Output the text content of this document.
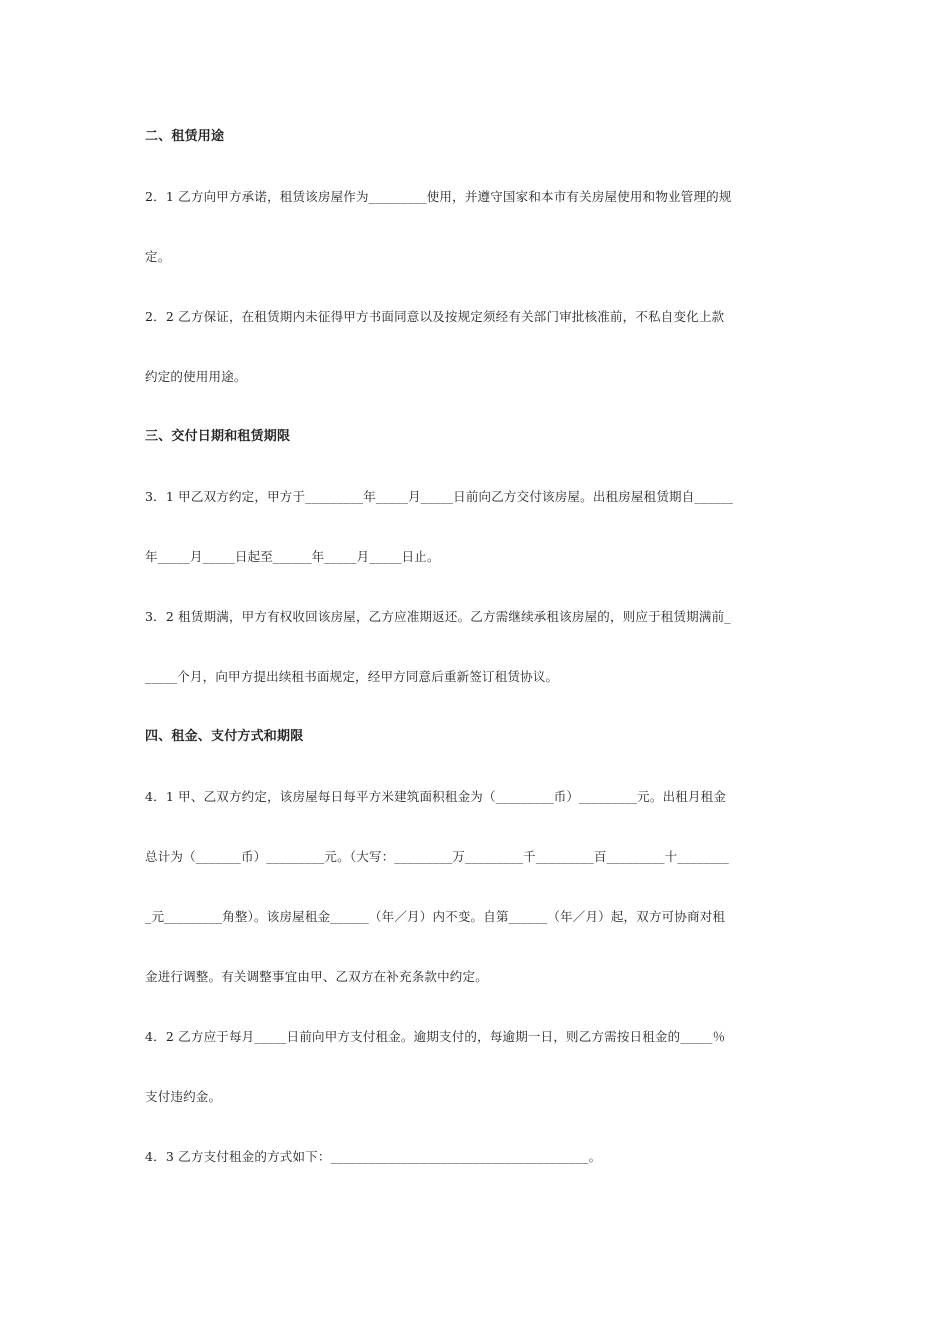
二、租赁用途
2．1 乙方向甲方承诺，租赁该房屋作为_________使用，并遵守国家和本市有关房屋使用和物业管理的规
定。
2．2 乙方保证，在租赁期内未征得甲方书面同意以及按规定须经有关部门审批核准前，不私自变化上款
约定的使用用途。
三、交付日期和租赁期限
3．1 甲乙双方约定，甲方于_________年_____月_____日前向乙方交付该房屋。出租房屋租赁期自______
年_____月_____日起至______年_____月_____日止。
3．2 租赁期满，甲方有权收回该房屋，乙方应准期返还。乙方需继续承租该房屋的，则应于租赁期满前_
_____个月，向甲方提出续租书面规定，经甲方同意后重新签订租赁协议。
四、租金、支付方式和期限
4．1 甲、乙双方约定，该房屋每日每平方米建筑面积租金为（_________币）_________元。出租月租金
总计为（_______币）_________元。（大写：_________万_________千_________百_________十________
_元_________角整）。该房屋租金______（年／月）内不变。自第______（年／月）起，双方可协商对租
金进行调整。有关调整事宜由甲、乙双方在补充条款中约定。
4．2 乙方应于每月_____日前向甲方支付租金。逾期支付的，每逾期一日，则乙方需按日租金的_____％
支付违约金。
4．3 乙方支付租金的方式如下：________________________________________。
